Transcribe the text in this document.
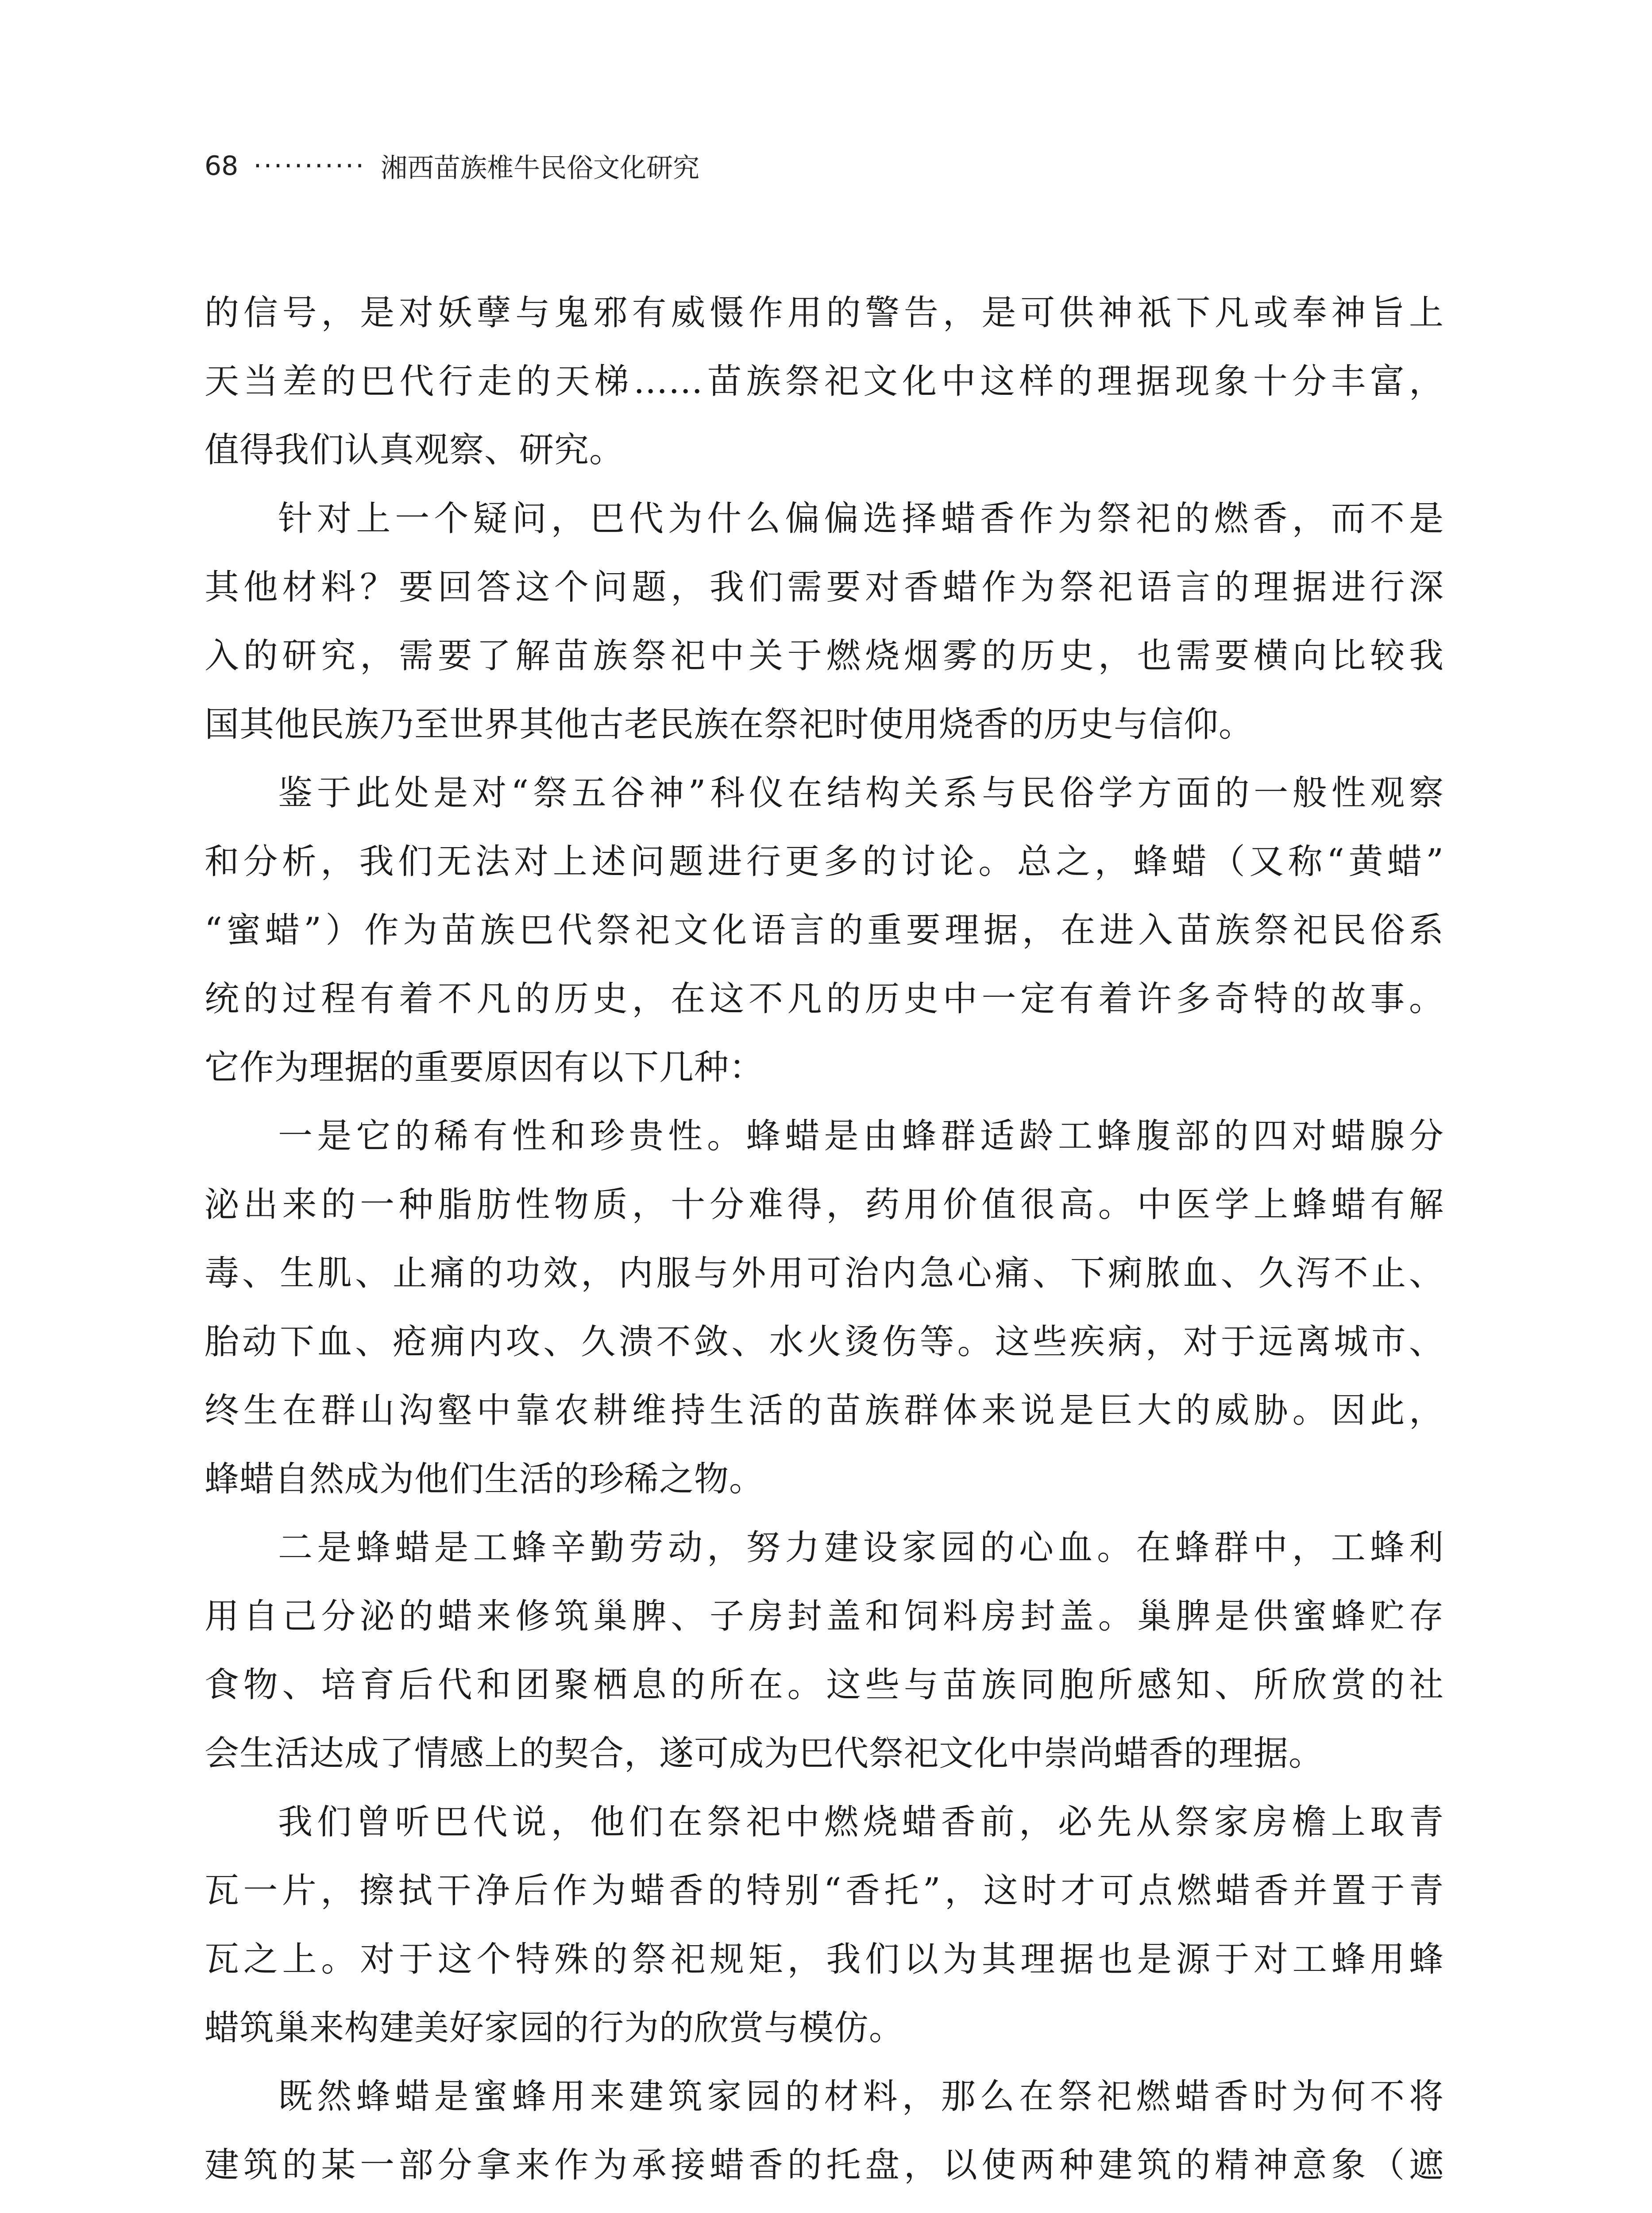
68 ··········· 湘西苗族椎牛民俗文化研究
的信号，是对妖孽与鬼邪有威慑作用的警告，是可供神祇下凡或奉神旨上
天当差的巴代行走的天梯……苗族祭祀文化中这样的理据现象十分丰富，
值得我们认真观察、研究。
针对上一个疑问，巴代为什么偏偏选择蜡香作为祭祀的燃香，而不是
其他材料？要回答这个问题，我们需要对香蜡作为祭祀语言的理据进行深
入的研究，需要了解苗族祭祀中关于燃烧烟雾的历史，也需要横向比较我
国其他民族乃至世界其他古老民族在祭祀时使用烧香的历史与信仰。
鉴于此处是对“祭五谷神”科仪在结构关系与民俗学方面的一般性观察
和分析，我们无法对上述问题进行更多的讨论。总之，蜂蜡（又称“黄蜡”
“蜜蜡”）作为苗族巴代祭祀文化语言的重要理据，在进入苗族祭祀民俗系
统的过程有着不凡的历史，在这不凡的历史中一定有着许多奇特的故事。
它作为理据的重要原因有以下几种：
一是它的稀有性和珍贵性。蜂蜡是由蜂群适龄工蜂腹部的四对蜡腺分
泌出来的一种脂肪性物质，十分难得，药用价值很高。中医学上蜂蜡有解
毒、生肌、止痛的功效，内服与外用可治内急心痛、下痢脓血、久泻不止、
胎动下血、疮痈内攻、久溃不敛、水火烫伤等。这些疾病，对于远离城市、
终生在群山沟壑中靠农耕维持生活的苗族群体来说是巨大的威胁。因此，
蜂蜡自然成为他们生活的珍稀之物。
二是蜂蜡是工蜂辛勤劳动，努力建设家园的心血。在蜂群中，工蜂利
用自己分泌的蜡来修筑巢脾、子房封盖和饲料房封盖。巢脾是供蜜蜂贮存
食物、培育后代和团聚栖息的所在。这些与苗族同胞所感知、所欣赏的社
会生活达成了情感上的契合，遂可成为巴代祭祀文化中崇尚蜡香的理据。
我们曾听巴代说，他们在祭祀中燃烧蜡香前，必先从祭家房檐上取青
瓦一片，擦拭干净后作为蜡香的特别“香托”，这时才可点燃蜡香并置于青
瓦之上。对于这个特殊的祭祀规矩，我们以为其理据也是源于对工蜂用蜂
蜡筑巢来构建美好家园的行为的欣赏与模仿。
既然蜂蜡是蜜蜂用来建筑家园的材料，那么在祭祀燃蜡香时为何不将
建筑的某一部分拿来作为承接蜡香的托盘，以使两种建筑的精神意象（遮
